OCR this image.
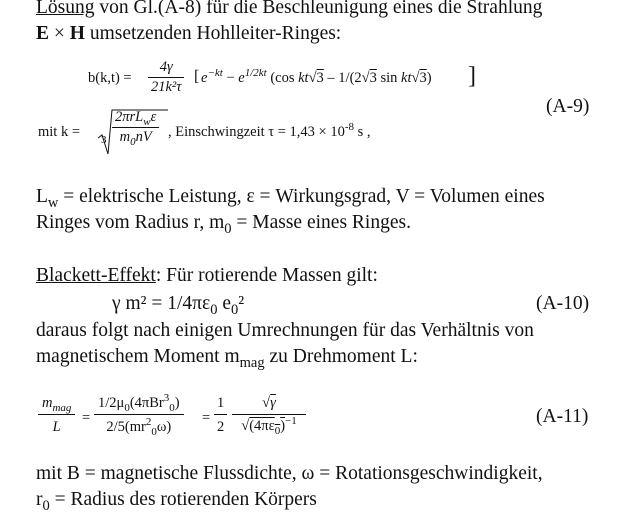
Lösung von Gl.(A-8) für die Beschleunigung eines die Strahlung
E × H umsetzenden Hohlleiter-Ringes:
$b(k,t) = \frac{4\gamma}{\text{21k²τ}}$ [ $e^{-kt} - e^{1/2kt}$ (cos kt√3 – 1/(2√3 sin kt√3) ]
(A-9)
mit $k = 3 \frac{2\pi rL_w\varepsilon}{m_0nV}$ , Einschwingzeit $\tau = 1,43 \times 10^{-8}$ s ,
$L_w$ = elektrische Leistung, ε = Wirkungsgrad, V = Volumen eines
Ringes vom Radius r, $m_0$ = Masse eines Ringes.
Blackett-Effekt: Für rotierende Massen gilt:
γ $m^2 = 1/4\pi\varepsilon_0$ $e_0^2$	(A-10)
daraus folgt nach einigen Umrechnungen für das Verhältnis von
magnetischem Moment $m_{mag}$ zu Drehmoment L:
$\frac{m_{mag}}{L} = \frac{1/2\mu_0(4\pi Br^3_0)}{2/5(mr^2_0\omega)} = \frac{1}{2}$	√γ
$√(4\pi\varepsilon_0)^{-1}$	(A-11)
mit B = magnetische Flussdichte, ω = Rotationsgeschwindigkeit,
$r_0$ = Radius des rotierenden Körpers
